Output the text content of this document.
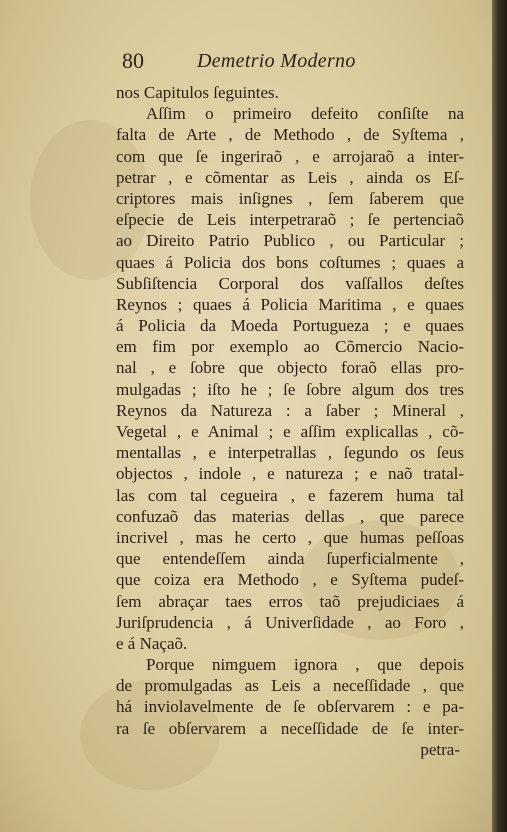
80	Demetrio Moderno
nos Capitulos ſeguintes.
Aſſim o primeiro defeito conſiſte na
falta de Arte , de Methodo , de Syſtema ,
com que ſe ingeriraõ , e arrojaraõ a inter-
petrar , e cõmentar as Leis , ainda os Eſ-
criptores mais inſignes , ſem ſaberem que
eſpecie de Leis interpetraraõ ; ſe pertenciaõ
ao Direito Patrio Publico , ou Particular ;
quaes á Policia dos bons coſtumes ; quaes a
Subſiſtencia Corporal dos vaſſallos deſtes
Reynos ; quaes á Policia Maritima , e quaes
á Policia da Moeda Portugueza ; e quaes
em fim por exemplo ao Cõmercio Nacio-
nal , e ſobre que objecto foraõ ellas pro-
mulgadas ; iſto he ; ſe ſobre algum dos tres
Reynos da Natureza : a ſaber ; Mineral ,
Vegetal , e Animal ; e aſſim explicallas , cõ-
mentallas , e interpetrallas , ſegundo os ſeus
objectos , indole , e natureza ; e naõ tratal-
las com tal cegueira , e fazerem huma tal
confuzaõ das materias dellas , que parece
incrivel , mas he certo , que humas peſſoas
que entendeſſem ainda ſuperficialmente ,
que coiza era Methodo , e Syſtema pudeſ-
ſem abraçar taes erros taõ prejudiciaes á
Juriſprudencia , á Univerſidade , ao Foro ,
e á Naçaõ.
Porque nimguem ignora , que depois
de promulgadas as Leis a neceſſidade , que
há inviolavelmente de ſe obſervarem : e pa-
ra ſe obſervarem a neceſſidade de ſe inter-
petra-
